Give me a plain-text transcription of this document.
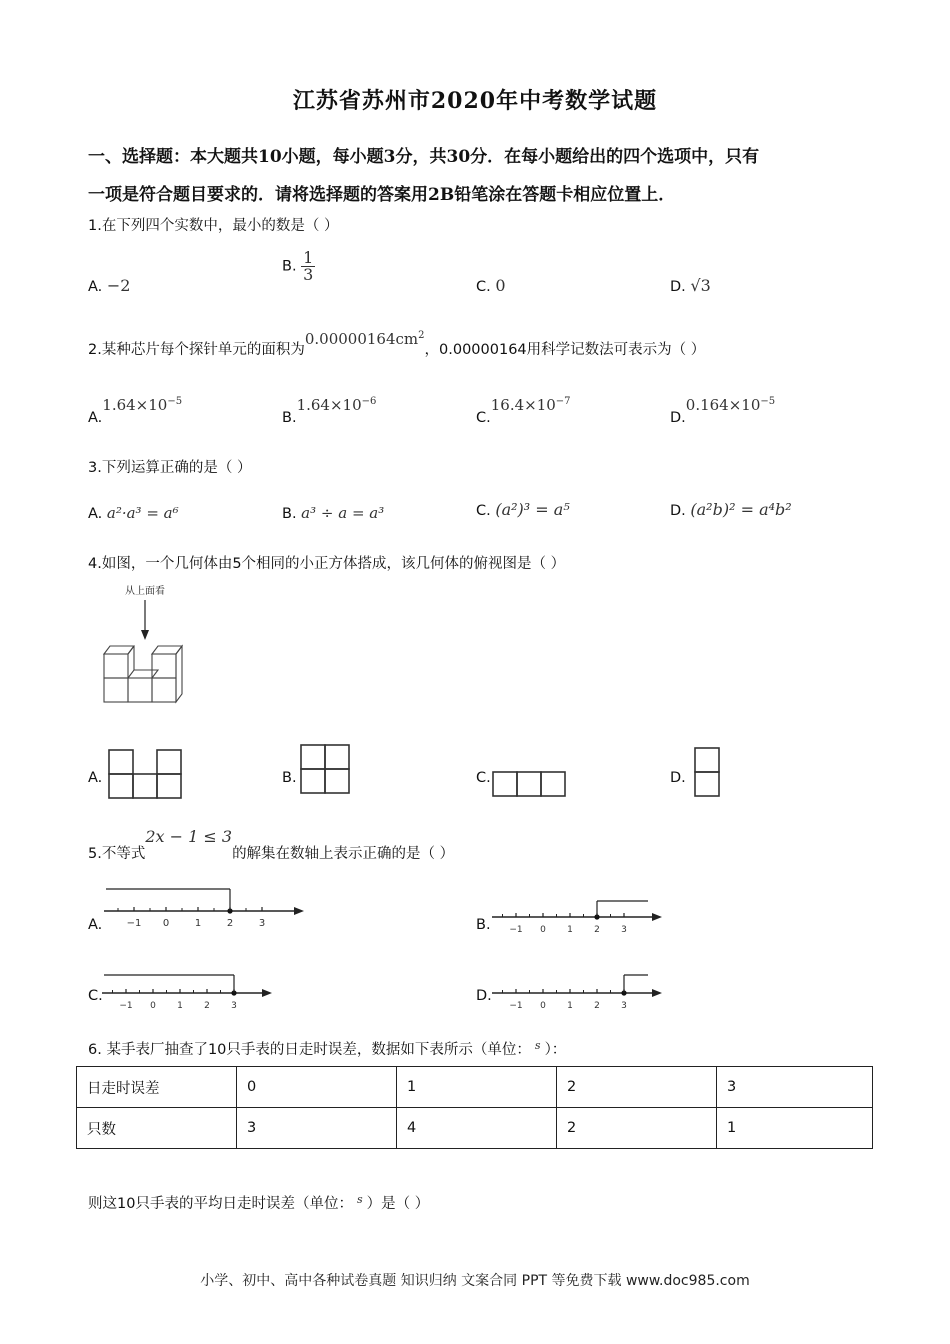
江苏省苏州市2020年中考数学试题
一、选择题：本大题共10小题，每小题3分，共30分．在每小题给出的四个选项中，只有
一项是符合题目要求的．请将选择题的答案用2B铅笔涂在答题卡相应位置上．
1.在下列四个实数中，最小的数是（ ）
A. −2
B. $\frac{1}{3}$
C. 0	D. √3
2.某种芯片每个探针单元的面积为$0.00000164cm^2$，0.00000164用科学记数法可表示为（ ）
$A.1.64\times 10^{-5}$
$B.1.64\times 10^{-6}$
$C.16.4\times 10^{-7}$
$D.0.164\times 10^{-5}$
3.下列运算正确的是（ ）
A. a²·a³ = a⁶	B. a³ ÷ a = a³	C. (a²)³ = a⁵	D. (a²b)² = a⁴b²
4.如图，一个几何体由5个相同的小正方体搭成，该几何体的俯视图是（ ）
从上面看
A.	B.	C.	D.
5.不等式2x − 1 ≤ 3的解集在数轴上表示正确的是（ ）
A. −1 0	1	2	3	B. −1 0 1 2 3
C.
−1 0 1 2 3
D.
−1 0 1 2 3
6. 某手表厂抽查了10只手表的日走时误差，数据如下表所示（单位： $^s$ ）：
日走时误差	0	1	2	3
只数	3	4	2	1
则这10只手表的平均日走时误差（单位： $^s$ ）是（ ）
小学、初中、高中各种试卷真题 知识归纳 文案合同 PPT 等免费下载 www.doc985.com
